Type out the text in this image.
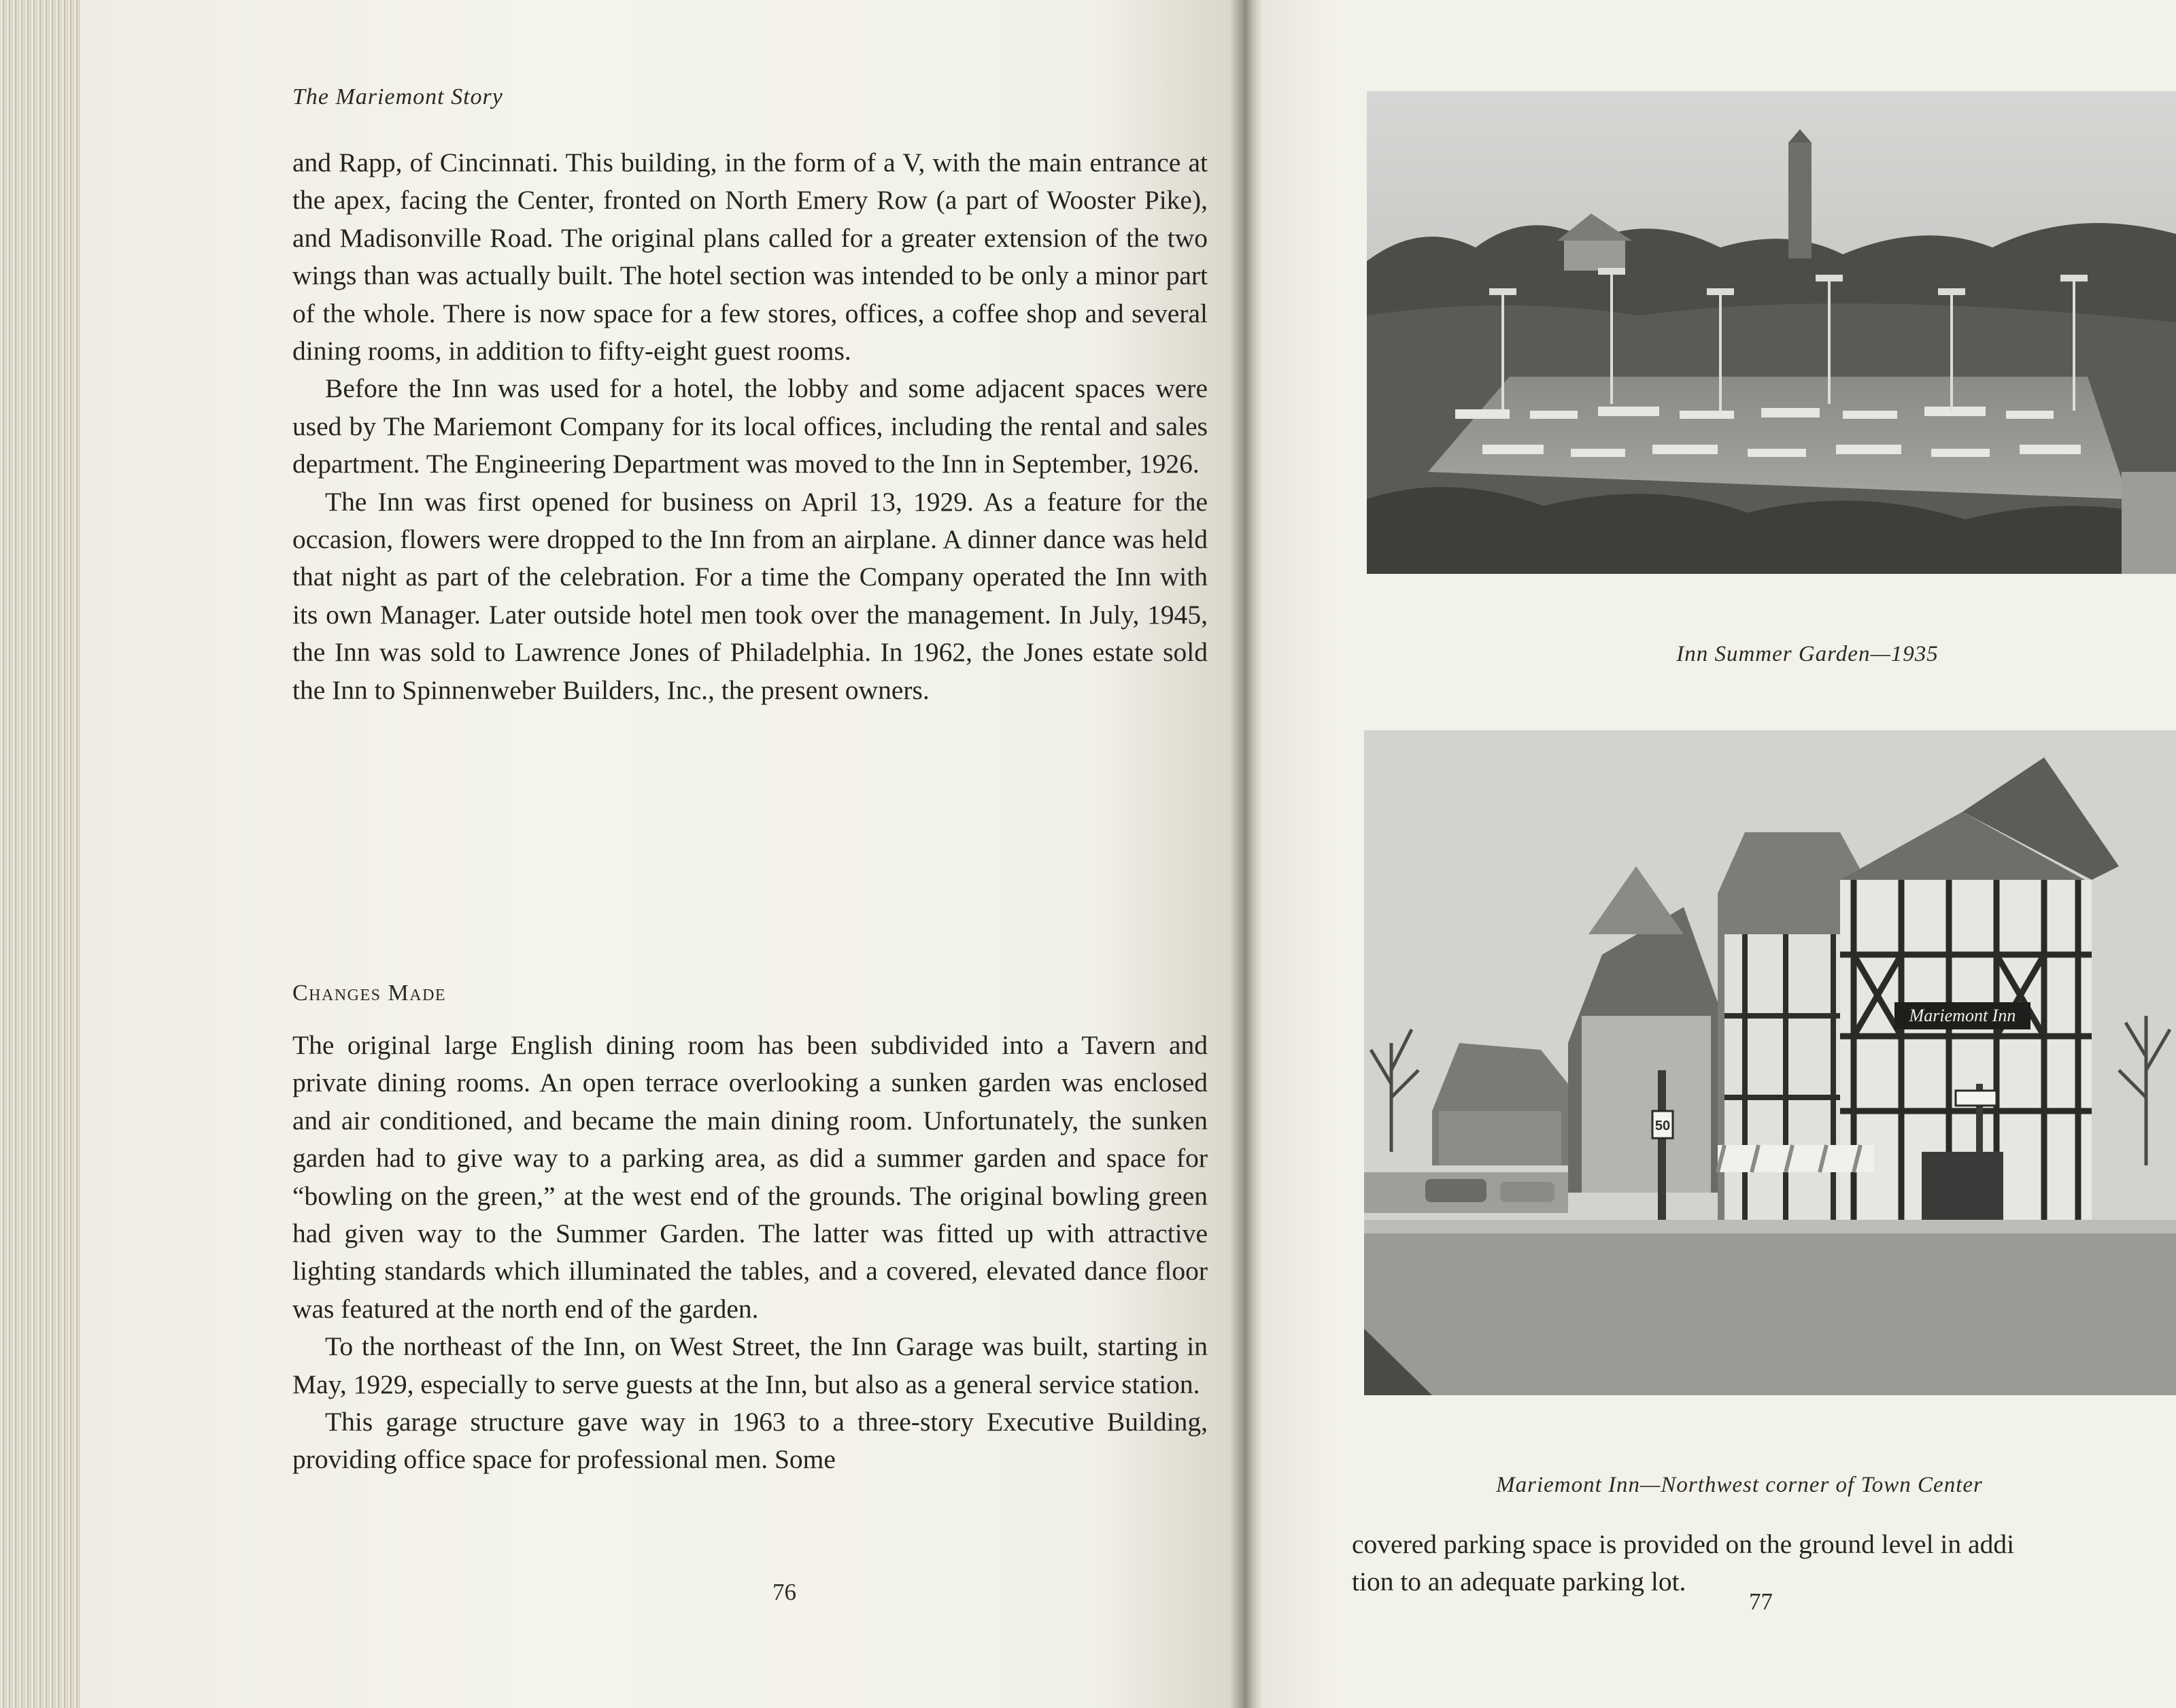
The Mariemont Story

and Rapp, of Cincinnati. This building, in the form of a V, with the main entrance at the apex, facing the Center, fronted on North Emery Row (a part of Wooster Pike), and Madisonville Road. The original plans called for a greater extension of the two wings than was actually built. The hotel section was intended to be only a minor part of the whole. There is now space for a few stores, offices, a coffee shop and several dining rooms, in addition to fifty-eight guest rooms.

Before the Inn was used for a hotel, the lobby and some adjacent spaces were used by The Mariemont Company for its local offices, including the rental and sales department. The Engineering Department was moved to the Inn in September, 1926.

The Inn was first opened for business on April 13, 1929. As a feature for the occasion, flowers were dropped to the Inn from an airplane. A dinner dance was held that night as part of the celebration. For a time the Company operated the Inn with its own Manager. Later outside hotel men took over the management. In July, 1945, the Inn was sold to Lawrence Jones of Philadelphia. In 1962, the Jones estate sold the Inn to Spinnenweber Builders, Inc., the present owners.

Changes Made

The original large English dining room has been subdivided into a Tavern and private dining rooms. An open terrace overlooking a sunken garden was enclosed and air conditioned, and became the main dining room. Unfortunately, the sunken garden had to give way to a parking area, as did a summer garden and space for “bowling on the green,” at the west end of the grounds. The original bowling green had given way to the Summer Garden. The latter was fitted up with attractive lighting standards which illuminated the tables, and a covered, elevated dance floor was featured at the north end of the garden.

To the northeast of the Inn, on West Street, the Inn Garage was built, starting in May, 1929, especially to serve guests at the Inn, but also as a general service station.

This garage structure gave way in 1963 to a three-story Executive Building, providing office space for professional men. Some

76
Inn Summer Garden—1935
Mariemont Inn
50
Mariemont Inn—Northwest corner of Town Center

covered parking space is provided on the ground level in addi

tion to an adequate parking lot.

77
